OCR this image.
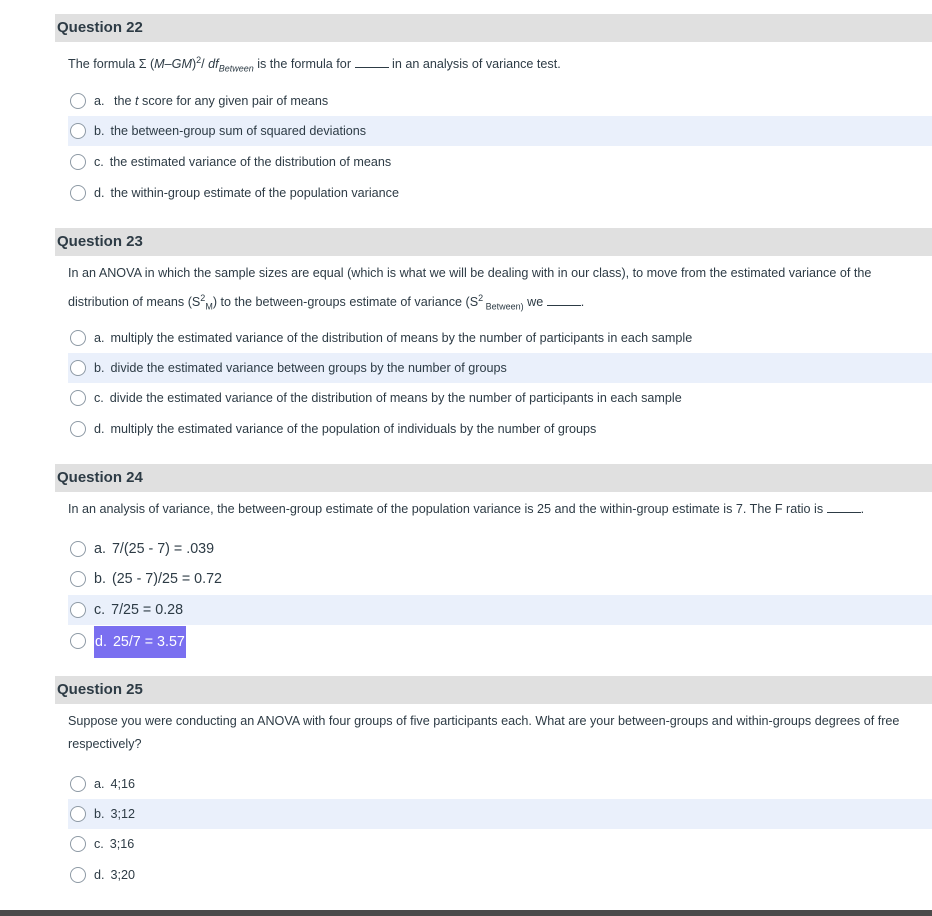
Question 22
The formula Σ $(M-GM)^2/$ $df_{Between}$ is the formula for	in an analysis of variance test.
a. the t score for any given pair of means
b. the between-group sum of squared deviations
c. the estimated variance of the distribution of means
d. the within-group estimate of the population variance
Question 23
In an ANOVA in which the sample sizes are equal (which is what we will be dealing with in our class), to move from the estimated variance of the
distribution of means $(S^2_M)$ to the between-groups estimate of variance ($S^2$ $_{Between)}$ we	.
a. multiply the estimated variance of the distribution of means by the number of participants in each sample
b. divide the estimated variance between groups by the number of groups
c. divide the estimated variance of the distribution of means by the number of participants in each sample
d. multiply the estimated variance of the population of individuals by the number of groups
Question 24
In an analysis of variance, the between-group estimate of the population variance is 25 and the within-group estimate is 7. The F ratio is	.
a. 7/(25 - 7) = .039
b. (25 - 7)/25 = 0.72
c. 7/25 = 0.28
d. 25/7 = 3.57
Question 25
Suppose you were conducting an ANOVA with four groups of five participants each. What are your between-groups and within-groups degrees of free
respectively?
a. 4;16
b. 3;12
c. 3;16
d. 3;20
